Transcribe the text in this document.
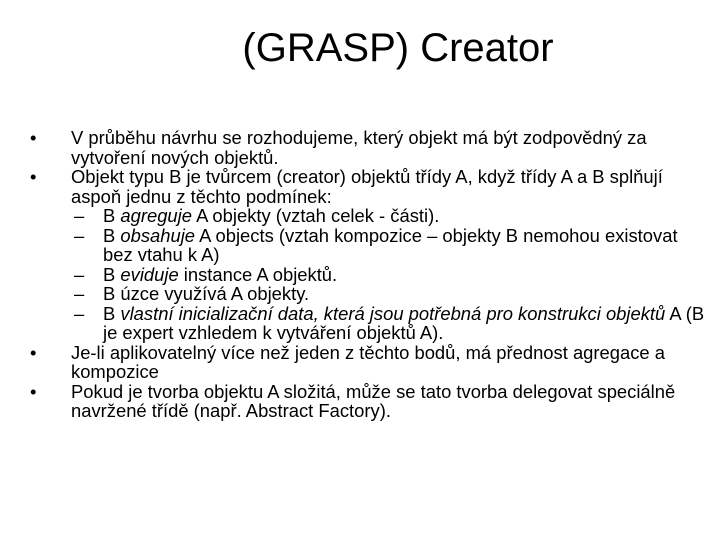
(GRASP) Creator
• V průběhu návrhu se rozhodujeme, který objekt má být zodpovědný za vytvoření nových objektů.
• Objekt typu B je tvůrcem (creator) objektů třídy A, když třídy A a B splňují aspoň jednu z těchto podmínek:
– B agreguje A objekty (vztah celek - části).
– B obsahuje A objects (vztah kompozice – objekty B nemohou existovat bez vtahu k A)
– B eviduje instance A objektů.
– B úzce využívá A objekty.
– B vlastní inicializační data, která jsou potřebná pro konstrukci objektů A (B je expert vzhledem k vytváření objektů A).
• Je-li aplikovatelný více než jeden z těchto bodů, má přednost agregace a kompozice
• Pokud je tvorba objektu A složitá, může se tato tvorba delegovat speciálně navržené třídě (např. Abstract Factory).
